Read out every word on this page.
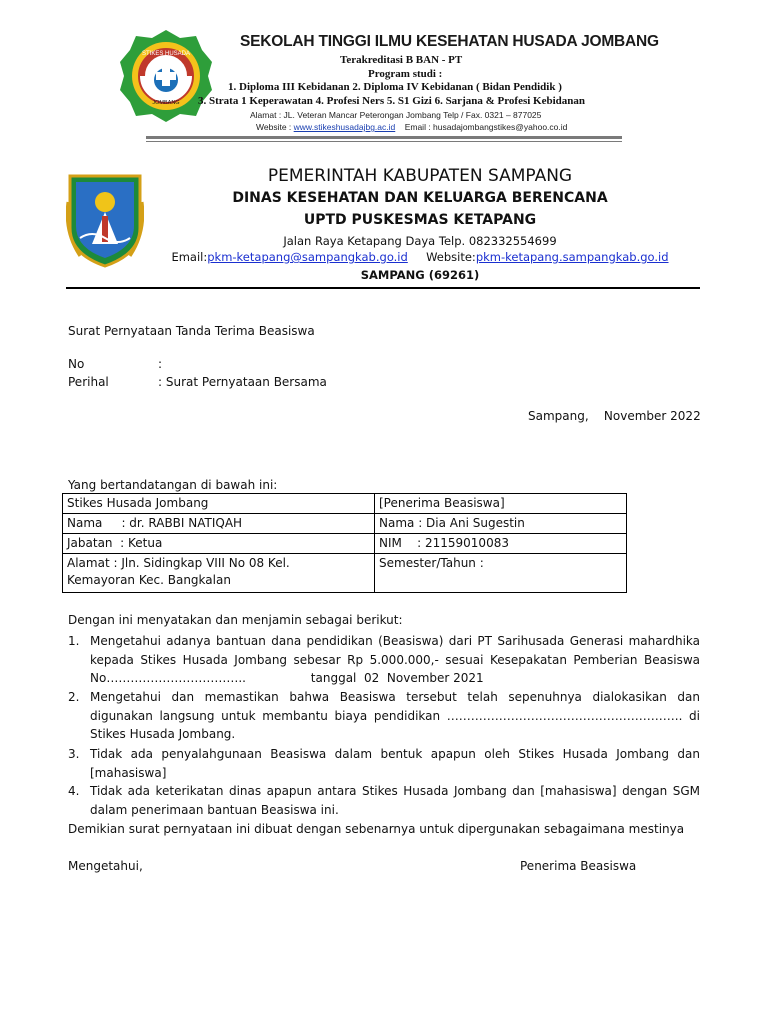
STIKES HUSADA
JOMBANG
SEKOLAH TINGGI ILMU KESEHATAN HUSADA JOMBANG
Terakreditasi B BAN - PT
Program studi :
1. Diploma III Kebidanan 2. Diploma IV Kebidanan ( Bidan Pendidik )
3. Strata 1 Keperawatan 4. Profesi Ners 5. S1 Gizi 6. Sarjana & Profesi Kebidanan
Alamat : JL. Veteran Mancar Peterongan Jombang Telp / Fax. 0321 – 877025
Website : www.stikeshusadajbg.ac.id Email : husadajombangstikes@yahoo.co.id
PEMERINTAH KABUPATEN SAMPANG
DINAS KESEHATAN DAN KELUARGA BERENCANA
UPTD PUSKESMAS KETAPANG
Jalan Raya Ketapang Daya Telp. 082332554699
Email:pkm-ketapang@sampangkab.go.id Website:pkm-ketapang.sampangkab.go.id
SAMPANG (69261)
Surat Pernyataan Tanda Terima Beasiswa
No	:
Perihal	: Surat Pernyataan Bersama
Sampang,    November 2022
Yang bertandatangan di bawah ini:
Stikes Husada Jombang	[Penerima Beasiswa]
Nama     : dr. RABBI NATIQAH	Nama : Dia Ani Sugestin
Jabatan  : Ketua	NIM    : 21159010083
Alamat : Jln. Sidingkap VIII No 08 Kel.
Kemayoran Kec. Bangkalan	Semester/Tahun :
Dengan ini menyatakan dan menjamin sebagai berikut:
1. Mengetahui adanya bantuan dana pendidikan (Beasiswa) dari PT Sarihusada Generasi mahardhika kepada Stikes Husada Jombang sebesar Rp 5.000.000,- sesuai Kesepakatan Pemberian Beasiswa No……………………………..                 tanggal  02  November 2021
2. Mengetahui dan memastikan bahwa Beasiswa tersebut telah sepenuhnya dialokasikan dan digunakan langsung untuk membantu biaya pendidikan ………………………………………………….. di Stikes Husada Jombang.
3. Tidak ada penyalahgunaan Beasiswa dalam bentuk apapun oleh Stikes Husada Jombang dan [mahasiswa]
4. Tidak ada keterikatan dinas apapun antara Stikes Husada Jombang dan [mahasiswa] dengan SGM dalam penerimaan bantuan Beasiswa ini.
Demikian surat pernyataan ini dibuat dengan sebenarnya untuk dipergunakan sebagaimana mestinya
Mengetahui,	Penerima Beasiswa
